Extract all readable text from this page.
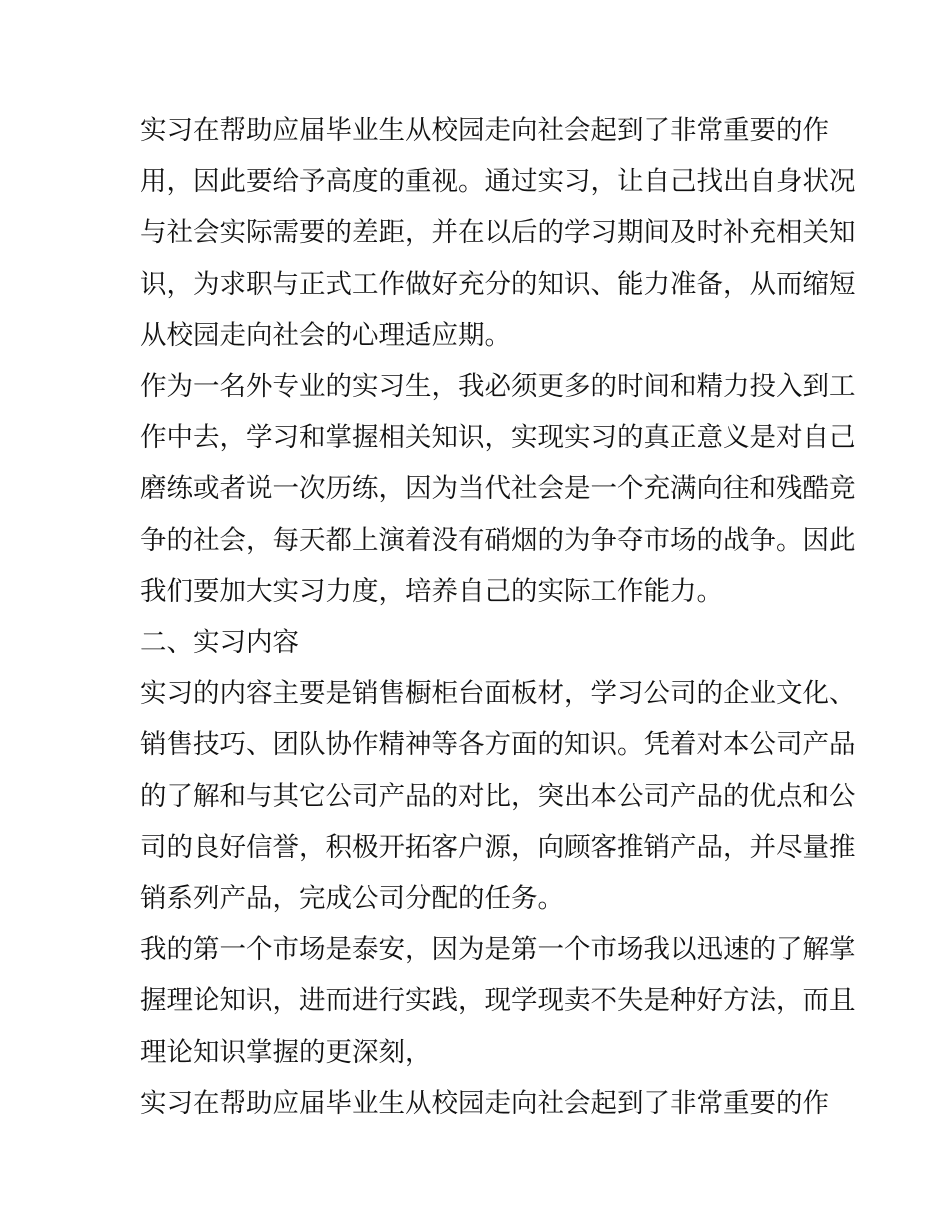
实习在帮助应届毕业生从校园走向社会起到了非常重要的作

用，因此要给予高度的重视。通过实习，让自己找出自身状况

与社会实际需要的差距，并在以后的学习期间及时补充相关知

识，为求职与正式工作做好充分的知识、能力准备，从而缩短

从校园走向社会的心理适应期。

作为一名外专业的实习生，我必须更多的时间和精力投入到工

作中去，学习和掌握相关知识，实现实习的真正意义是对自己

磨练或者说一次历练，因为当代社会是一个充满向往和残酷竞

争的社会，每天都上演着没有硝烟的为争夺市场的战争。因此

我们要加大实习力度，培养自己的实际工作能力。

二、实习内容

实习的内容主要是销售橱柜台面板材，学习公司的企业文化、

销售技巧、团队协作精神等各方面的知识。凭着对本公司产品

的了解和与其它公司产品的对比，突出本公司产品的优点和公

司的良好信誉，积极开拓客户源，向顾客推销产品，并尽量推

销系列产品，完成公司分配的任务。

我的第一个市场是泰安，因为是第一个市场我以迅速的了解掌

握理论知识，进而进行实践，现学现卖不失是种好方法，而且

理论知识掌握的更深刻，

实习在帮助应届毕业生从校园走向社会起到了非常重要的作
